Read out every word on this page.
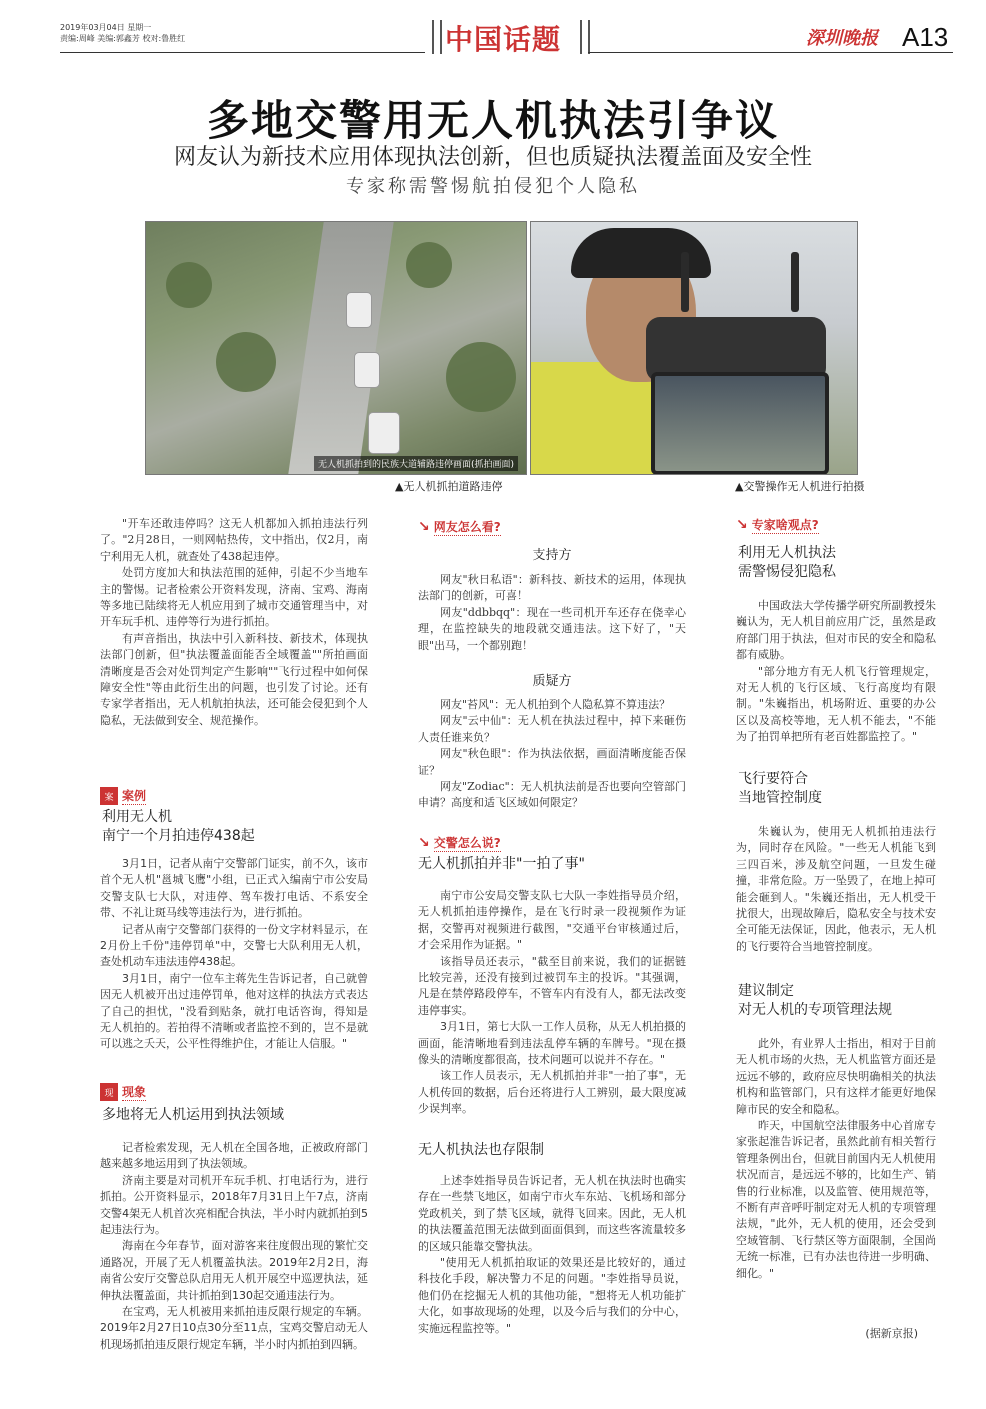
2019年03月04日 星期一
责编:周峰 美编:郭鑫芳 校对:鲁胜红	中国话题	深圳晚报 A13
多地交警用无人机执法引争议
网友认为新技术应用体现执法创新，但也质疑执法覆盖面及安全性
专家称需警惕航拍侵犯个人隐私
无人机抓拍到的民族大道辅路违停画面(抓拍画面)
▲无人机抓拍道路违停	▲交警操作无人机进行拍摄

"开车还敢违停吗？这无人机都加入抓拍违法行列了。"2月28日，一则网帖热传，文中指出，仅2月，南宁利用无人机，就查处了438起违停。

处罚方度加大和执法范围的延伸，引起不少当地车主的警惕。记者检索公开资料发现，济南、宝鸡、海南等多地已陆续将无人机应用到了城市交通管理当中，对开车玩手机、违停等行为进行抓拍。

有声音指出，执法中引入新科技、新技术，体现执法部门创新，但"执法覆盖面能否全域覆盖""所拍画面清晰度是否会对处罚判定产生影响""飞行过程中如何保障安全性"等由此衍生出的问题，也引发了讨论。还有专家学者指出，无人机航拍执法，还可能会侵犯到个人隐私，无法做到安全、规范操作。

案 案例
利用无人机
南宁一个月拍违停438起

3月1日，记者从南宁交警部门证实，前不久，该市首个无人机"邕城飞鹰"小组，已正式入编南宁市公安局交警支队七大队，对违停、驾车拨打电话、不系安全带、不礼让斑马线等违法行为，进行抓拍。

记者从南宁交警部门获得的一份文字材料显示，在2月份上千份"违停罚单"中，交警七大队利用无人机，查处机动车违法违停438起。

3月1日，南宁一位车主蒋先生告诉记者，自己就曾因无人机被开出过违停罚单，他对这样的执法方式表达了自己的担忧，"没看到贴条，就打电话咨询，得知是无人机拍的。若拍得不清晰或者监控不到的，岂不是就可以逃之夭天，公平性得维护住，才能让人信服。"

现 现象
多地将无人机运用到执法领域

记者检索发现，无人机在全国各地，正被政府部门越来越多地运用到了执法领域。

济南主要是对司机开车玩手机、打电话行为，进行抓拍。公开资料显示，2018年7月31日上午7点，济南交警4架无人机首次亮相配合执法，半小时内就抓拍到5起违法行为。

海南在今年春节，面对游客来往度假出现的繁忙交通路况，开展了无人机覆盖执法。2019年2月2日，海南省公安厅交警总队启用无人机开展空中巡逻执法，延伸执法覆盖面，共计抓拍到130起交通违法行为。

在宝鸡，无人机被用来抓拍违反限行规定的车辆。2019年2月27日10点30分至11点，宝鸡交警启动无人机现场抓拍违反限行规定车辆，半小时内抓拍到四辆。

↘ 网友怎么看?
支持方

网友"秋日私语"：新科技、新技术的运用，体现执法部门的创新，可喜！

网友"ddbbqq"：现在一些司机开车还存在侥幸心理，在监控缺失的地段就交通违法。这下好了，"天眼"出马，一个都别跑！

质疑方

网友"苔风"：无人机拍到个人隐私算不算违法？

网友"云中仙"：无人机在执法过程中，掉下来砸伤人责任谁来负？

网友"秋色眼"：作为执法依据，画面清晰度能否保证？

网友"Zodiac"：无人机执法前是否也要向空管部门申请？高度和适飞区域如何限定？

↘ 交警怎么说?
无人机抓拍并非"一拍了事"

南宁市公安局交警支队七大队一李姓指导员介绍，无人机抓拍违停操作，是在飞行时录一段视频作为证据，交警再对视频进行截图，"交通平台审核通过后，才会采用作为证据。"

该指导员还表示，"截至目前来说，我们的证据链比较完善，还没有接到过被罚车主的投诉。"其强调，凡是在禁停路段停车，不管车内有没有人，都无法改变违停事实。

3月1日，第七大队一工作人员称，从无人机拍摄的画面，能清晰地看到违法乱停车辆的车牌号。"现在摄像头的清晰度都很高，技术问题可以说并不存在。"

该工作人员表示，无人机抓拍并非"一拍了事"，无人机传回的数据，后台还将进行人工辨别，最大限度减少误判率。

无人机执法也存限制

上述李姓指导员告诉记者，无人机在执法时也确实存在一些禁飞地区，如南宁市火车东站、飞机场和部分党政机关，到了禁飞区域，就得飞回来。因此，无人机的执法覆盖范围无法做到面面俱到，而这些客流量较多的区域只能靠交警执法。

"使用无人机抓拍取证的效果还是比较好的，通过科技化手段，解决警力不足的问题。"李姓指导员说，他们仍在挖掘无人机的其他功能，"想将无人机功能扩大化，如事故现场的处理，以及今后与我们的分中心，实施远程监控等。"

↘ 专家啥观点?
利用无人机执法
需警惕侵犯隐私

中国政法大学传播学研究所副教授朱巍认为，无人机目前应用广泛，虽然是政府部门用于执法，但对市民的安全和隐私都有威胁。

"部分地方有无人机飞行管理规定，对无人机的飞行区域、飞行高度均有限制。"朱巍指出，机场附近、重要的办公区以及高校等地，无人机不能去，"不能为了拍罚单把所有老百姓都监控了。"

飞行要符合
当地管控制度

朱巍认为，使用无人机抓拍违法行为，同时存在风险。"一些无人机能飞到三四百米，涉及航空问题，一旦发生碰撞，非常危险。万一坠毁了，在地上掉可能会砸到人。"朱巍还指出，无人机受干扰很大，出现故障后，隐私安全与技术安全可能无法保证，因此，他表示，无人机的飞行要符合当地管控制度。

建议制定
对无人机的专项管理法规

此外，有业界人士指出，相对于目前无人机市场的火热，无人机监管方面还是远远不够的，政府应尽快明确相关的执法机构和监管部门，只有这样才能更好地保障市民的安全和隐私。

昨天，中国航空法律服务中心首席专家张起淮告诉记者，虽然此前有相关暂行管理条例出台，但就目前国内无人机使用状况而言，是远远不够的，比如生产、销售的行业标准，以及监管、使用规范等，不断有声音呼吁制定对无人机的专项管理法规，"此外，无人机的使用，还会受到空域管制、飞行禁区等方面限制，全国尚无统一标准，已有办法也待进一步明确、细化。"

(据新京报)
